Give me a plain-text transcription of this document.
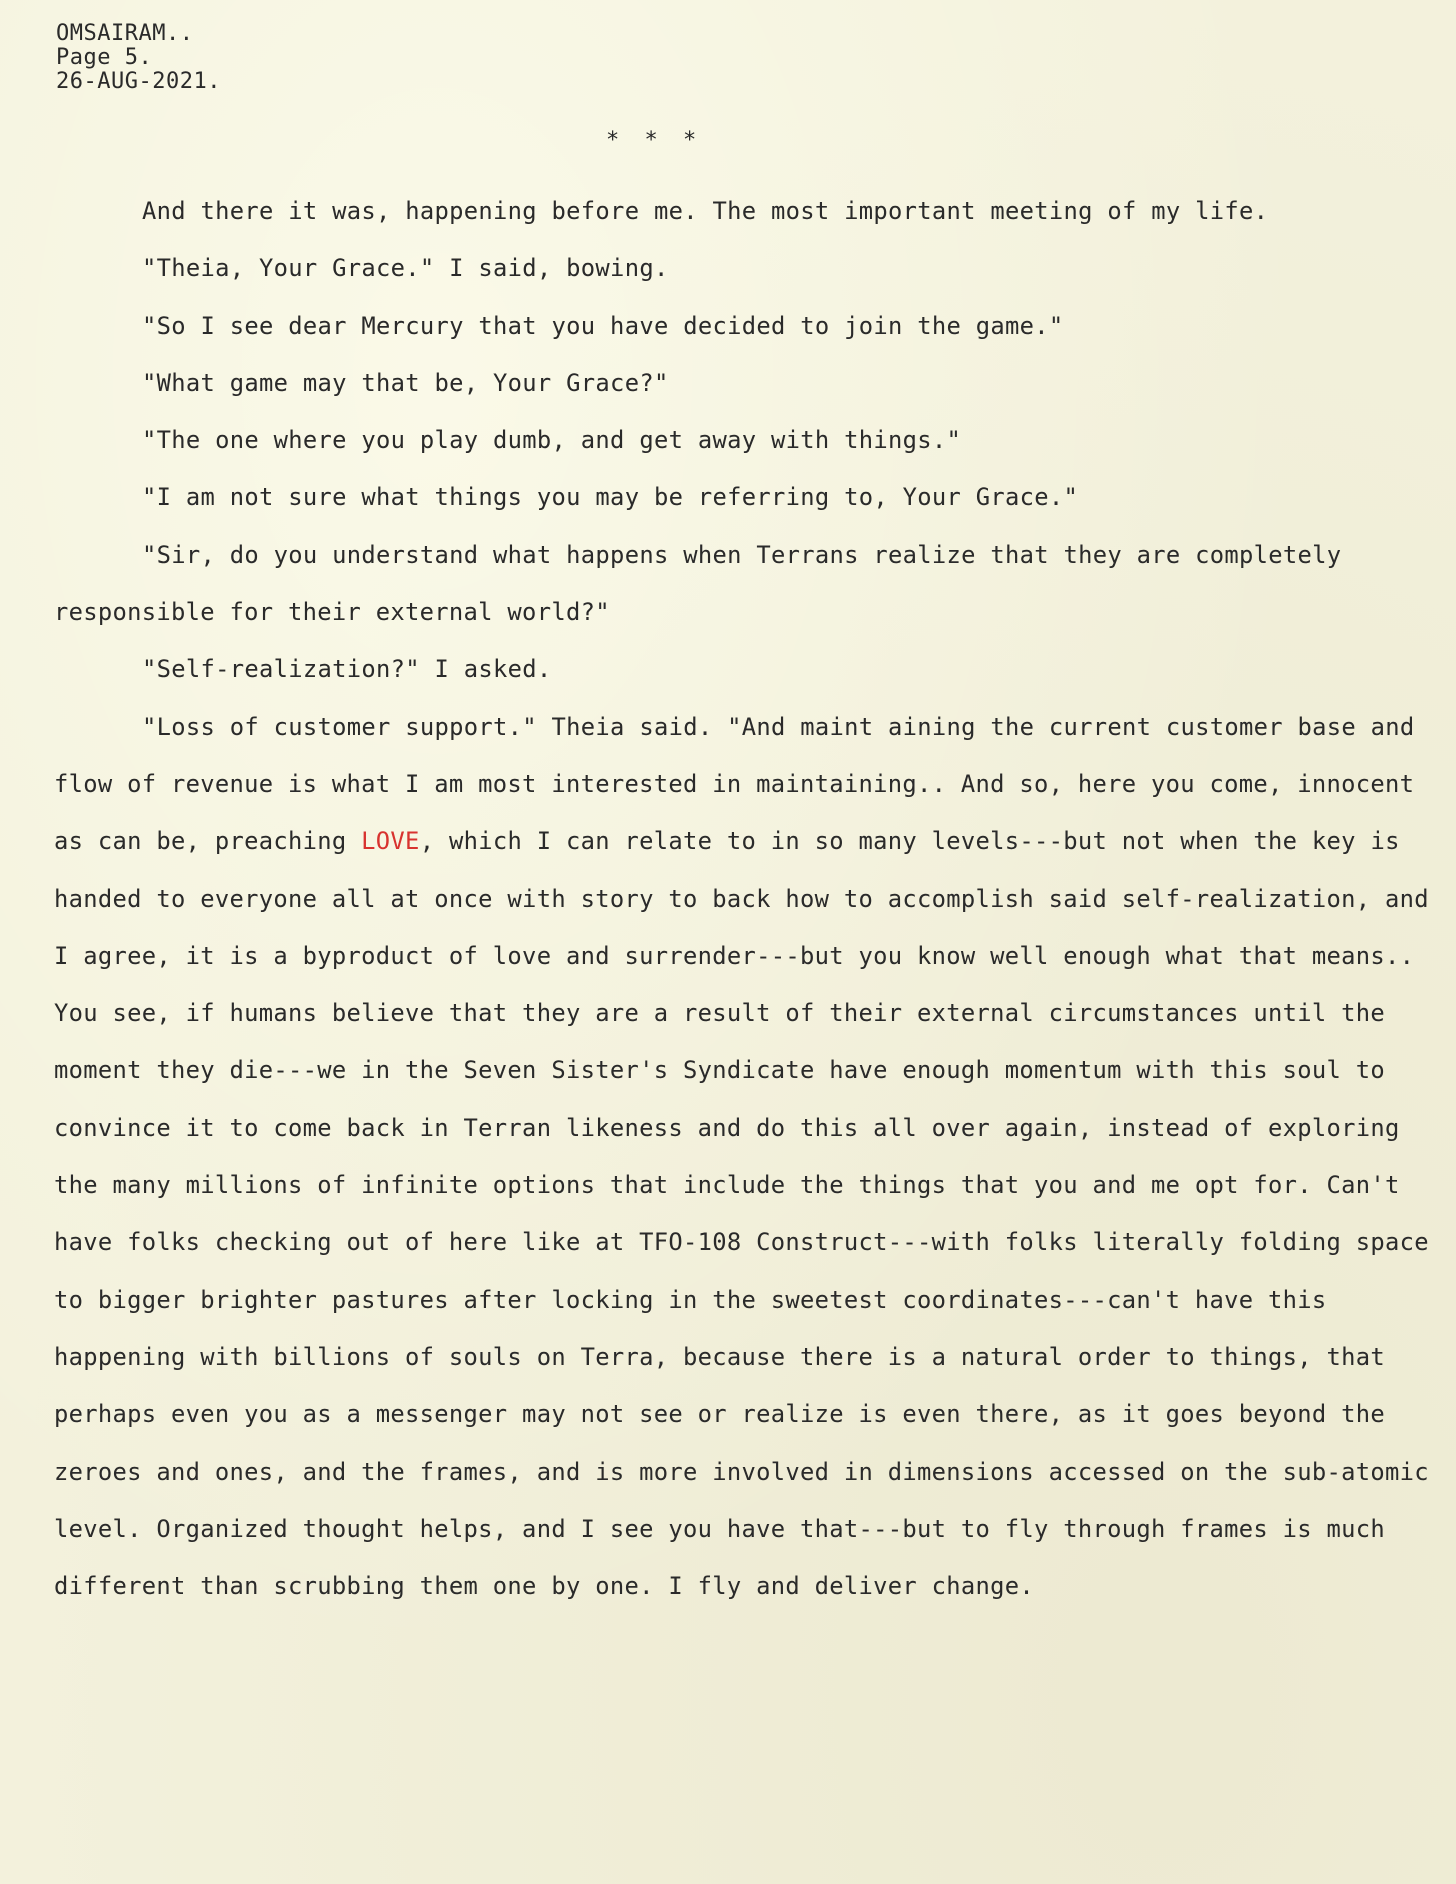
OMSAIRAM..
Page 5.
26-AUG-2021.
* * *

And there it was, happening before me. The most important meeting of my life.

"Theia, Your Grace." I said, bowing.

"So I see dear Mercury that you have decided to join the game."

"What game may that be, Your Grace?"

"The one where you play dumb, and get away with things."

"I am not sure what things you may be referring to, Your Grace."

"Sir, do you understand what happens when Terrans realize that they are completely responsible for their external world?"

"Self-realization?" I asked.

"Loss of customer support." Theia said. "And maint aining the current customer base and flow of revenue is what I am most interested in maintaining.. And so, here you come, innocent as can be, preaching LOVE, which I can relate to in so many levels---but not when the key is handed to everyone all at once with story to back how to accomplish said self-realization, and I agree, it is a byproduct of love and surrender---but you know well enough what that means.. You see, if humans believe that they are a result of their external circumstances until the moment they die---we in the Seven Sister's Syndicate have enough momentum with this soul to convince it to come back in Terran likeness and do this all over again, instead of exploring the many millions of infinite options that include the things that you and me opt for. Can't have folks checking out of here like at TFO-108 Construct---with folks literally folding space to bigger brighter pastures after locking in the sweetest coordinates---can't have this happening with billions of souls on Terra, because there is a natural order to things, that perhaps even you as a messenger may not see or realize is even there, as it goes beyond the zeroes and ones, and the frames, and is more involved in dimensions accessed on the sub-atomic level. Organized thought helps, and I see you have that---but to fly through frames is much different than scrubbing them one by one. I fly and deliver change.
